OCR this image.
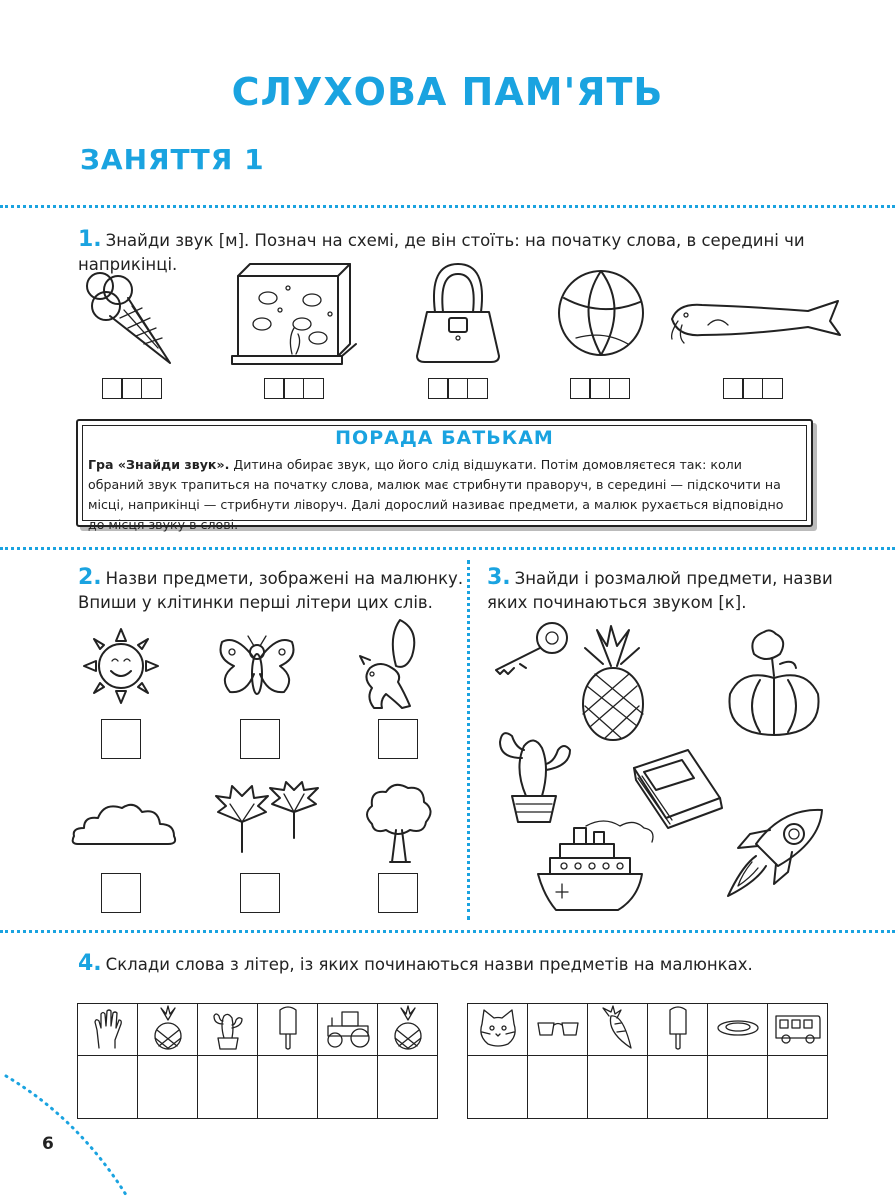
СЛУХОВА ПАМ'ЯТЬ
ЗАНЯТТЯ 1
1. Знайди звук [м]. Познач на схемі, де він стоїть: на початку слова, в середині чи наприкінці.
ПОРАДА БАТЬКАМ
Гра «Знайди звук». Дитина обирає звук, що його слід відшукати. Потім домовляєтеся так: коли обраний звук трапиться на початку слова, малюк має стрибнути праворуч, в середині — підскочити на місці, наприкінці — стрибнути ліворуч. Далі дорослий називає предмети, а малюк рухається відповідно до місця звуку в слові.
2. Назви предмети, зображені на малюнку.
Впиши у клітинки перші літери цих слів.
3. Знайди і розмалюй предмети, назви
яких починаються звуком [к].
4. Склади слова з літер, із яких починаються назви предметів на малюнках.

6
